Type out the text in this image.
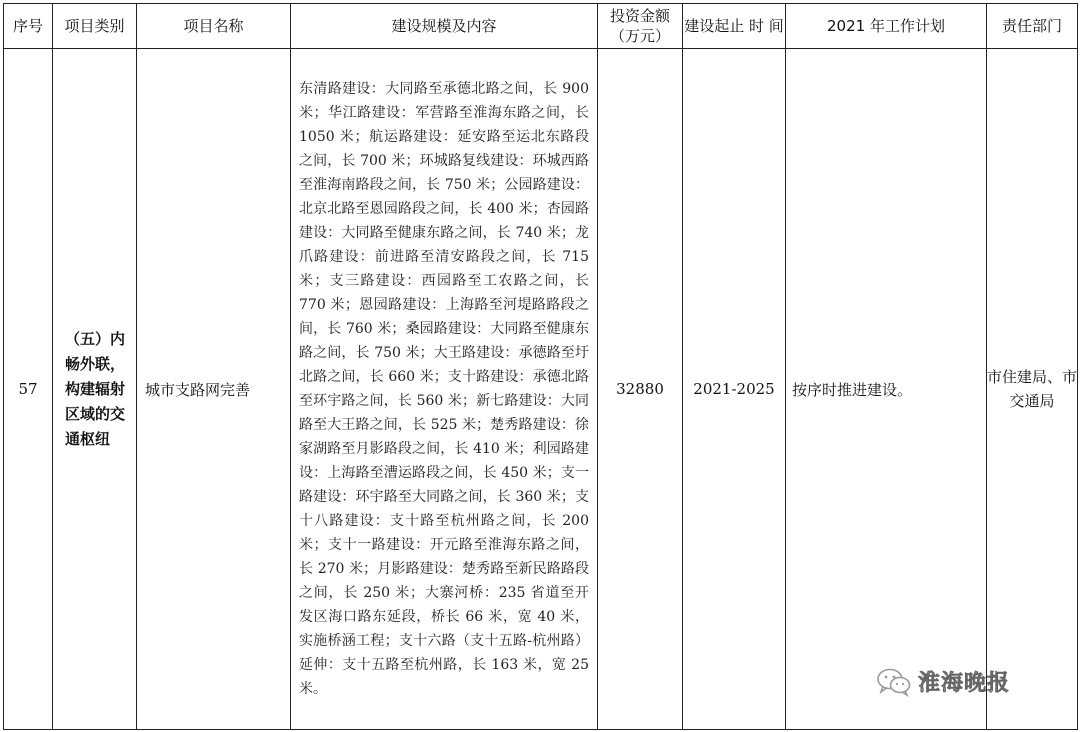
序号	项目类别	项目名称	建设规模及内容	投资金额（万元）	建设起止 时 间	2021 年工作计划	责任部门
57	（五）内畅外联，构建辐射区域的交通枢纽	城市支路网完善	东清路建设：大同路至承德北路之间，长 900 米；华江路建设：军营路至淮海东路之间，长 1050 米；航运路建设：延安路至运北东路段之间，长 700 米；环城路复线建设：环城西路至淮海南路段之间，长 750 米；公园路建设：北京北路至恩园路段之间，长 400 米；杏园路建设：大同路至健康东路之间，长 740 米；龙爪路建设：前进路至清安路段之间，长 715 米；支三路建设：西园路至工农路之间，长 770 米；恩园路建设：上海路至河堤路路段之间，长 760 米；桑园路建设：大同路至健康东路之间，长 750 米；大王路建设：承德路至圩北路之间，长 660 米；支十路建设：承德北路至环宇路之间，长 560 米；新七路建设：大同路至大王路之间，长 525 米；楚秀路建设：徐家湖路至月影路段之间，长 410 米；利园路建设：上海路至漕运路段之间，长 450 米；支一路建设：环宇路至大同路之间，长 360 米；支十八路建设：支十路至杭州路之间，长 200 米；支十一路建设：开元路至淮海东路之间，长 270 米；月影路建设：楚秀路至新民路路段之间，长 250 米；大寨河桥：235 省道至开发区海口路东延段，桥长 66 米，宽 40 米，实施桥涵工程；支十六路（支十五路-杭州路）延伸：支十五路至杭州路，长 163 米，宽 25 米。	32880	2021-2025	按序时推进建设。	市住建局、市交通局
淮海晚报
